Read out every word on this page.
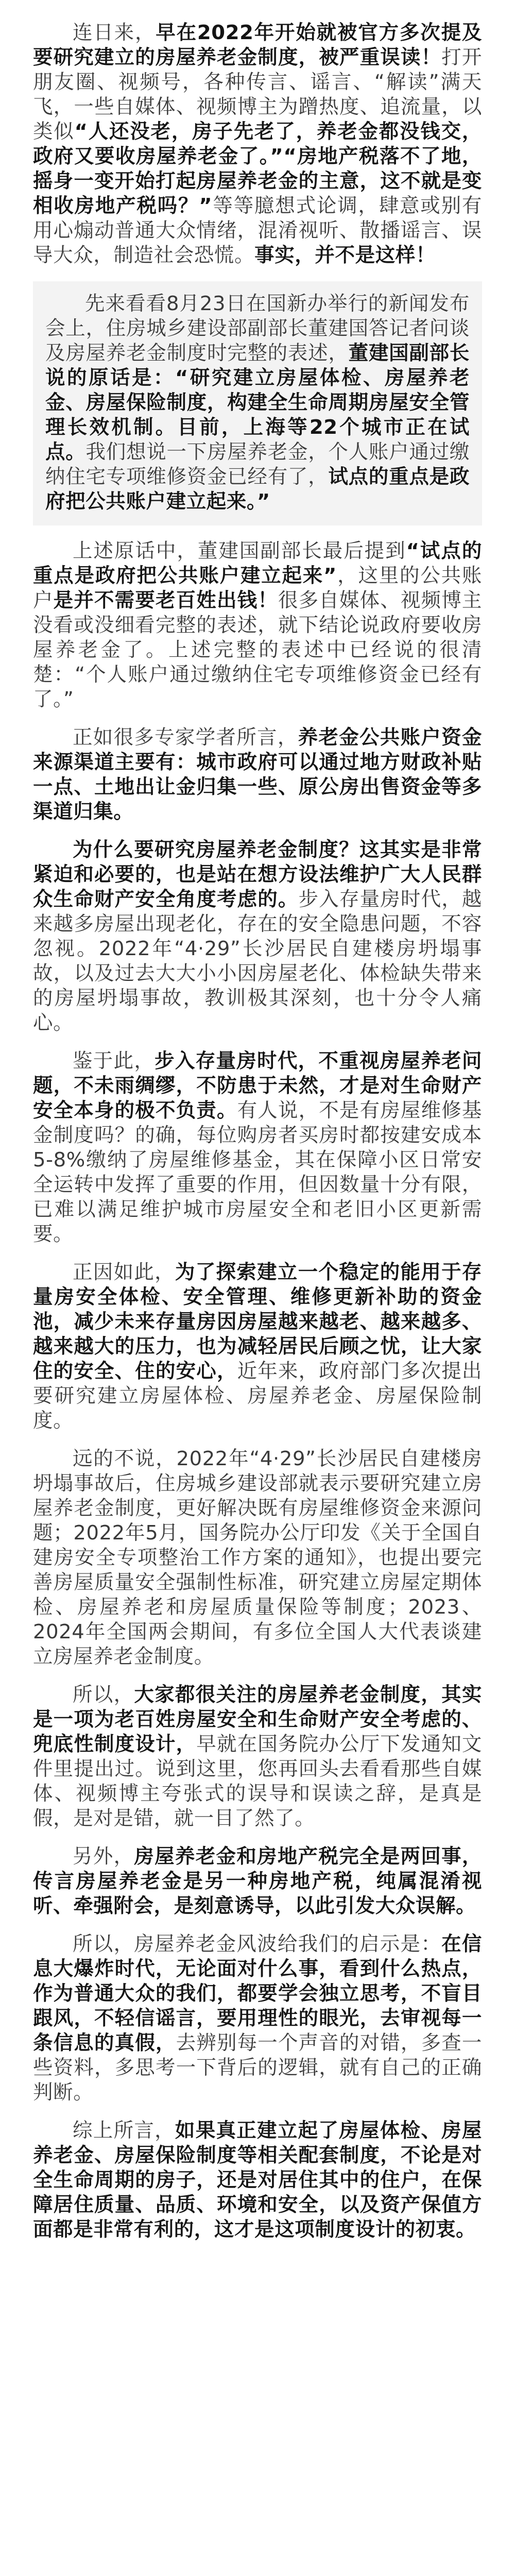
连日来，早在2022年开始就被官方多次提及要研究建立的房屋养老金制度，被严重误读！打开朋友圈、视频号，各种传言、谣言、“解读”满天飞，一些自媒体、视频博主为蹭热度、追流量，以类似“人还没老，房子先老了，养老金都没钱交，政府又要收房屋养老金了。”“房地产税落不了地，摇身一变开始打起房屋养老金的主意，这不就是变相收房地产税吗？”等等臆想式论调，肆意或别有用心煽动普通大众情绪，混淆视听、散播谣言、误导大众，制造社会恐慌。事实，并不是这样！

先来看看8月23日在国新办举行的新闻发布会上，住房城乡建设部副部长董建国答记者问谈及房屋养老金制度时完整的表述，董建国副部长说的原话是：“研究建立房屋体检、房屋养老金、房屋保险制度，构建全生命周期房屋安全管理长效机制。目前，上海等22个城市正在试点。我们想说一下房屋养老金，个人账户通过缴纳住宅专项维修资金已经有了，试点的重点是政府把公共账户建立起来。”

上述原话中，董建国副部长最后提到“试点的重点是政府把公共账户建立起来”，这里的公共账户是并不需要老百姓出钱！很多自媒体、视频博主没看或没细看完整的表述，就下结论说政府要收房屋养老金了。上述完整的表述中已经说的很清楚：“个人账户通过缴纳住宅专项维修资金已经有了。”

正如很多专家学者所言，养老金公共账户资金来源渠道主要有：城市政府可以通过地方财政补贴一点、土地出让金归集一些、原公房出售资金等多渠道归集。

为什么要研究房屋养老金制度？这其实是非常紧迫和必要的，也是站在想方设法维护广大人民群众生命财产安全角度考虑的。步入存量房时代，越来越多房屋出现老化，存在的安全隐患问题，不容忽视。2022年“4·29”长沙居民自建楼房坍塌事故，以及过去大大小小因房屋老化、体检缺失带来的房屋坍塌事故，教训极其深刻，也十分令人痛心。

鉴于此，步入存量房时代，不重视房屋养老问题，不未雨绸缪，不防患于未然，才是对生命财产安全本身的极不负责。有人说，不是有房屋维修基金制度吗？的确，每位购房者买房时都按建安成本 5-8%缴纳了房屋维修基金，其在保障小区日常安全运转中发挥了重要的作用，但因数量十分有限，已难以满足维护城市房屋安全和老旧小区更新需要。

正因如此，为了探索建立一个稳定的能用于存量房安全体检、安全管理、维修更新补助的资金池，减少未来存量房因房屋越来越老、越来越多、越来越大的压力，也为减轻居民后顾之忧，让大家住的安全、住的安心，近年来，政府部门多次提出要研究建立房屋体检、房屋养老金、房屋保险制度。

远的不说，2022年“4·29”长沙居民自建楼房坍塌事故后，住房城乡建设部就表示要研究建立房屋养老金制度，更好解决既有房屋维修资金来源问题；2022年5月，国务院办公厅印发《关于全国自建房安全专项整治工作方案的通知》，也提出要完善房屋质量安全强制性标准，研究建立房屋定期体检、房屋养老和房屋质量保险等制度；2023、2024年全国两会期间，有多位全国人大代表谈建立房屋养老金制度。

所以，大家都很关注的房屋养老金制度，其实是一项为老百姓房屋安全和生命财产安全考虑的、兜底性制度设计，早就在国务院办公厅下发通知文件里提出过。说到这里，您再回头去看看那些自媒体、视频博主夸张式的误导和误读之辞，是真是假，是对是错，就一目了然了。

另外，房屋养老金和房地产税完全是两回事，传言房屋养老金是另一种房地产税，纯属混淆视听、牵强附会，是刻意诱导，以此引发大众误解。

所以，房屋养老金风波给我们的启示是：在信息大爆炸时代，无论面对什么事，看到什么热点，作为普通大众的我们，都要学会独立思考，不盲目跟风，不轻信谣言，要用理性的眼光，去审视每一条信息的真假，去辨别每一个声音的对错，多查一些资料，多思考一下背后的逻辑，就有自己的正确判断。

综上所言，如果真正建立起了房屋体检、房屋养老金、房屋保险制度等相关配套制度，不论是对全生命周期的房子，还是对居住其中的住户，在保障居住质量、品质、环境和安全，以及资产保值方面都是非常有利的，这才是这项制度设计的初衷。
